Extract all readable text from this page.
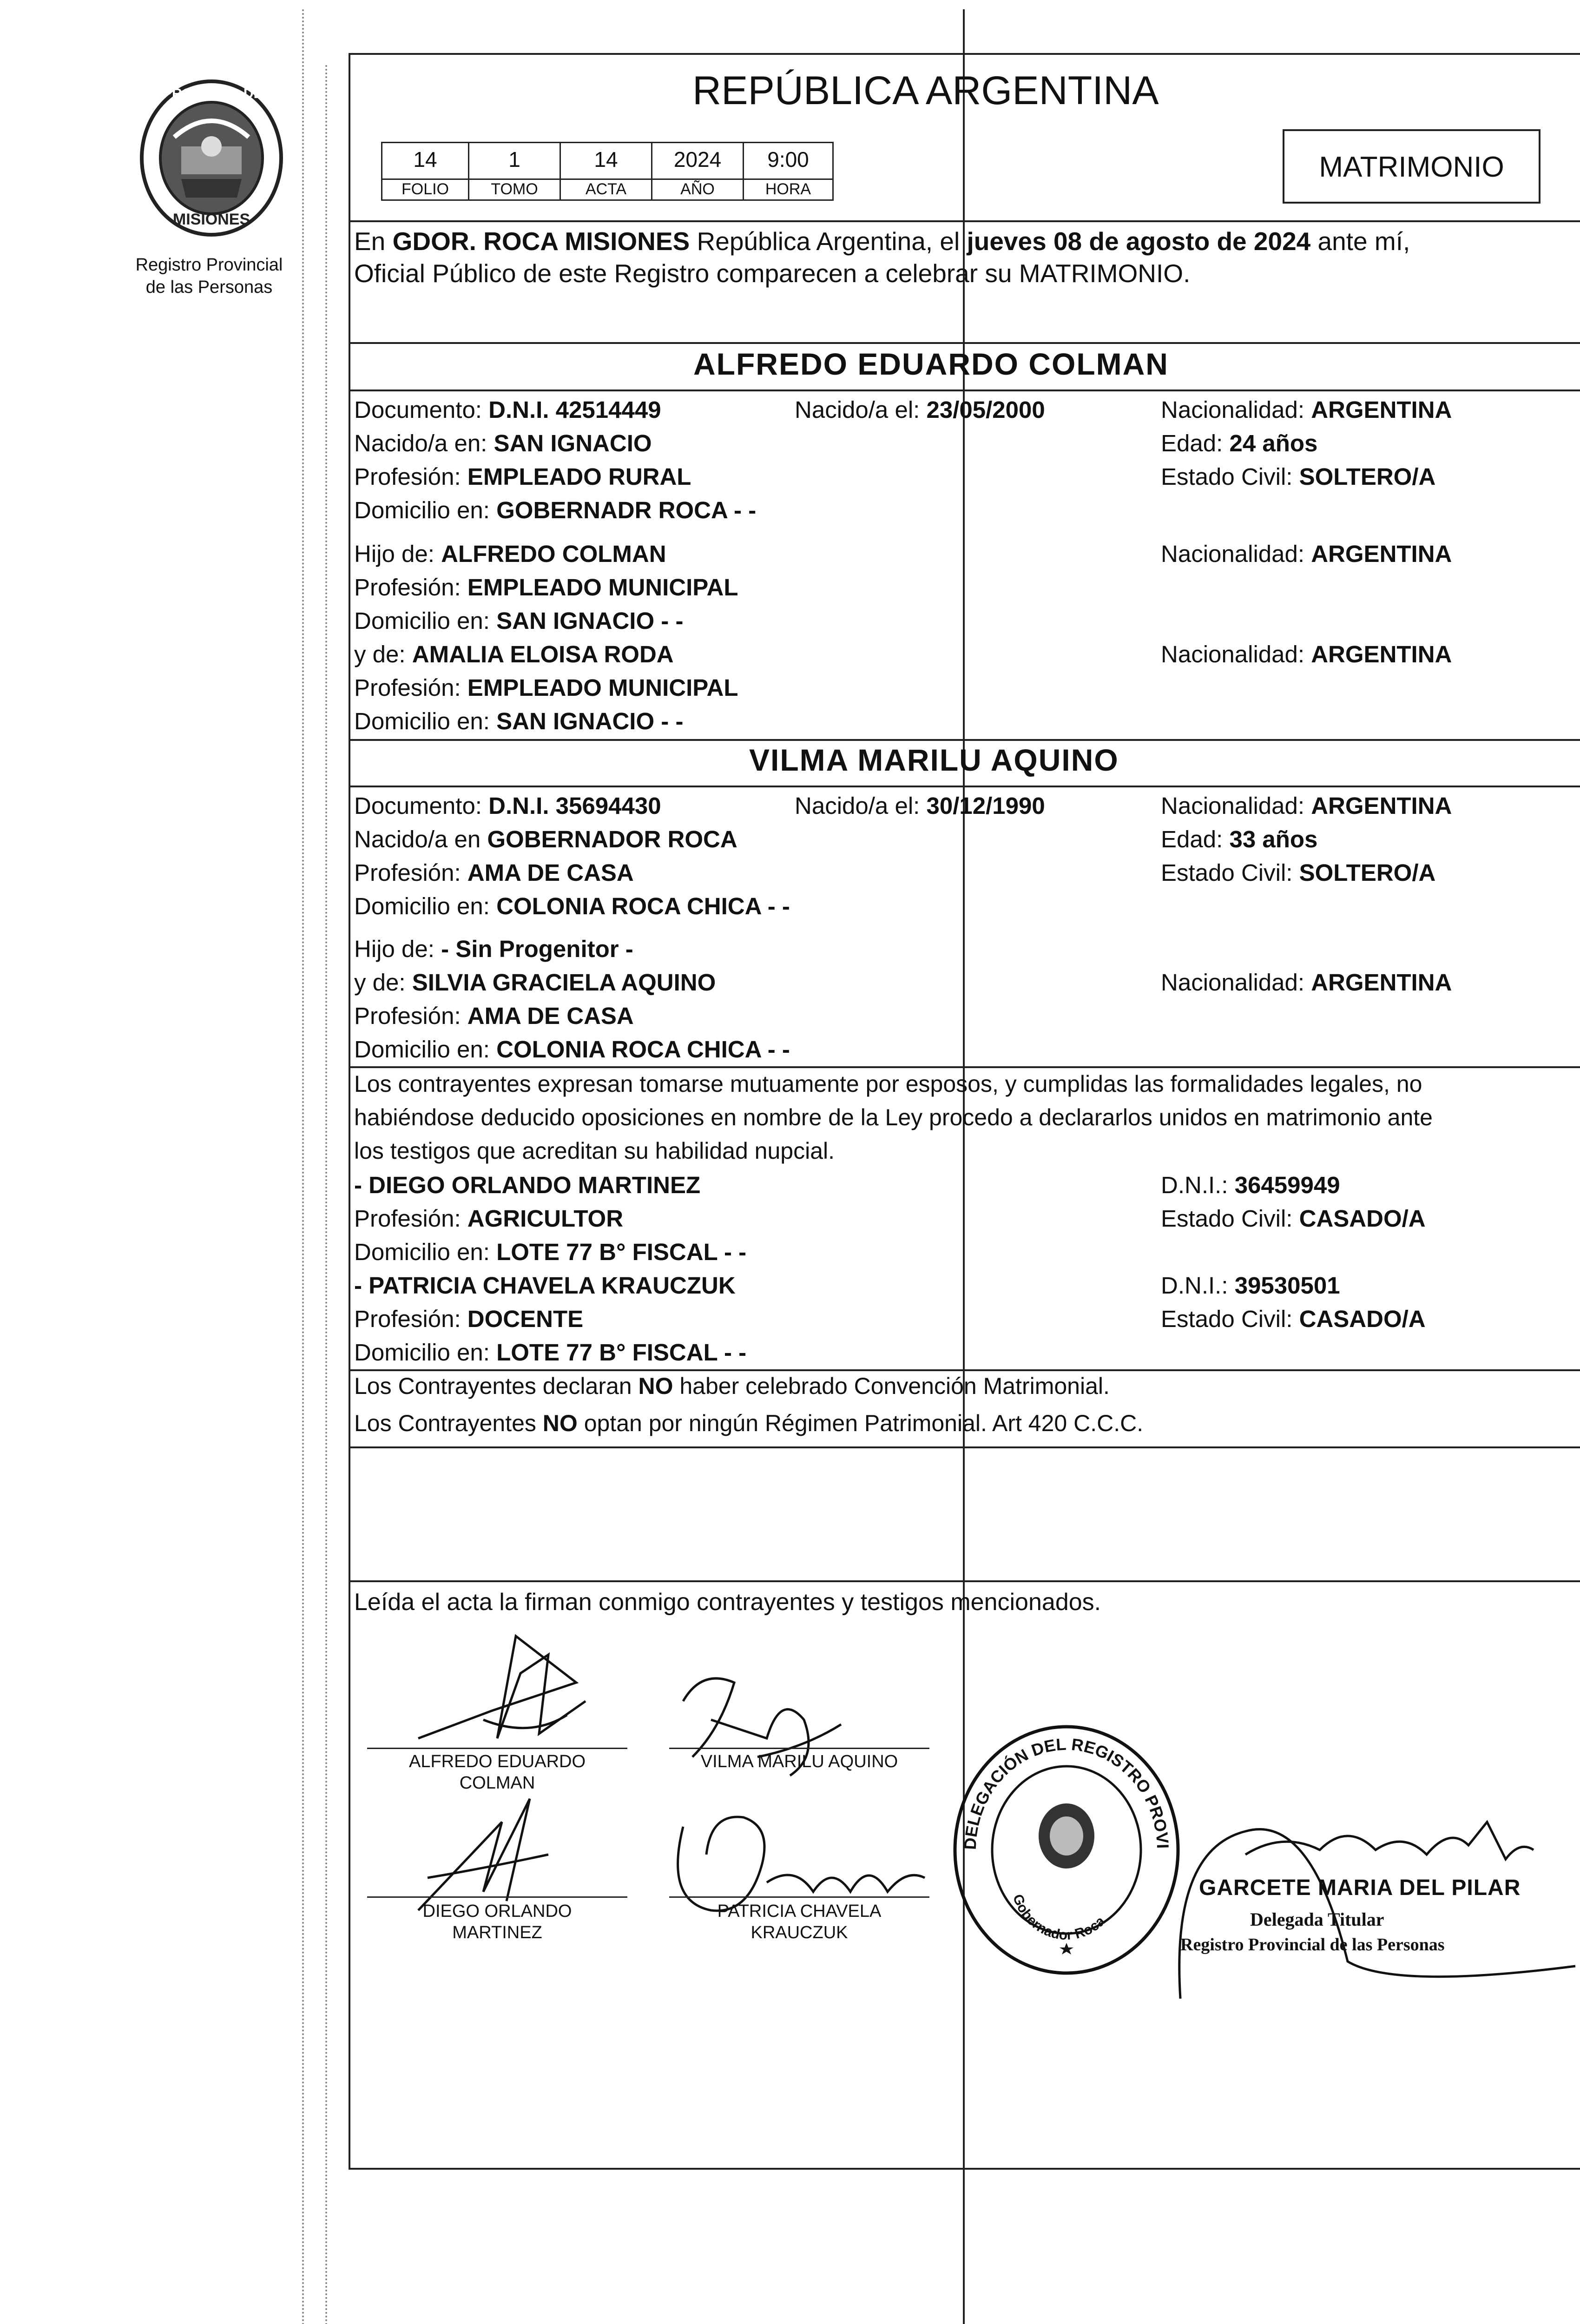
PROVINCIA DE
MISIONES
Registro Provincial
de las Personas
REPÚBLICA ARGENTINA
14	1	14	2024	9:00
FOLIO	TOMO	ACTA	AÑO	HORA
MATRIMONIO
En GDOR. ROCA MISIONES República Argentina, el jueves 08 de agosto de 2024 ante mí,
Oficial Público de este Registro comparecen a celebrar su MATRIMONIO.
ALFREDO EDUARDO COLMAN
Documento: D.N.I. 42514449	Nacido/a el: 23/05/2000	Nacionalidad: ARGENTINA
Nacido/a en: SAN IGNACIO	Edad: 24 años
Profesión: EMPLEADO RURAL	Estado Civil: SOLTERO/A
Domicilio en: GOBERNADR ROCA - -
Hijo de: ALFREDO COLMAN	Nacionalidad: ARGENTINA
Profesión: EMPLEADO MUNICIPAL
Domicilio en: SAN IGNACIO - -
y de: AMALIA ELOISA RODA	Nacionalidad: ARGENTINA
Profesión: EMPLEADO MUNICIPAL
Domicilio en: SAN IGNACIO - -
VILMA MARILU AQUINO
Documento: D.N.I. 35694430	Nacido/a el: 30/12/1990	Nacionalidad: ARGENTINA
Nacido/a en GOBERNADOR ROCA	Edad: 33 años
Profesión: AMA DE CASA	Estado Civil: SOLTERO/A
Domicilio en: COLONIA ROCA CHICA - -
Hijo de: - Sin Progenitor -
y de: SILVIA GRACIELA AQUINO	Nacionalidad: ARGENTINA
Profesión: AMA DE CASA
Domicilio en: COLONIA ROCA CHICA - -
Los contrayentes expresan tomarse mutuamente por esposos, y cumplidas las formalidades legales, no
habiéndose deducido oposiciones en nombre de la Ley procedo a declararlos unidos en matrimonio ante
los testigos que acreditan su habilidad nupcial.
- DIEGO ORLANDO MARTINEZ	D.N.I.: 36459949
Profesión: AGRICULTOR	Estado Civil: CASADO/A
Domicilio en: LOTE 77 B° FISCAL - -
- PATRICIA CHAVELA KRAUCZUK	D.N.I.: 39530501
Profesión: DOCENTE	Estado Civil: CASADO/A
Domicilio en: LOTE 77 B° FISCAL - -
Los Contrayentes declaran NO haber celebrado Convención Matrimonial.
Los Contrayentes NO optan por ningún Régimen Patrimonial. Art 420 C.C.C.
Leída el acta la firman conmigo contrayentes y testigos mencionados.
ALFREDO EDUARDO
COLMAN
VILMA MARILU AQUINO
DIEGO ORLANDO
MARTINEZ
PATRICIA CHAVELA
KRAUCZUK
DELEGACIÓN DEL REGISTRO PROVI
Gobernador Roca
GARCETE MARIA DEL PILAR
Delegada Titular
Registro Provincial de las Personas
